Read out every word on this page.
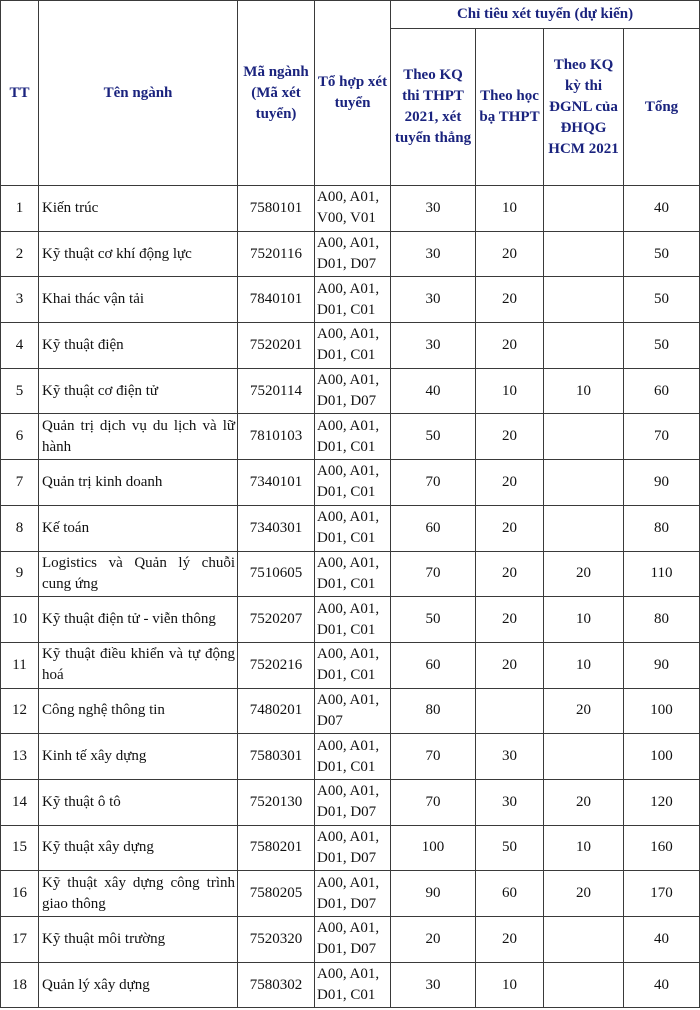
TT	Tên ngành	Mã ngành (Mã xét tuyển)	Tổ hợp xét tuyển	Chỉ tiêu xét tuyển (dự kiến)			
				Theo KQ thi THPT 2021, xét tuyển thẳng	Theo học bạ THPT	Theo KQ kỳ thi ĐGNL của ĐHQG HCM 2021	Tổng
1	Kiến trúc	7580101	A00, A01, V00, V01	30	10		40
2	Kỹ thuật cơ khí động lực	7520116	A00, A01, D01, D07	30	20		50
3	Khai thác vận tải	7840101	A00, A01, D01, C01	30	20		50
4	Kỹ thuật điện	7520201	A00, A01, D01, C01	30	20		50
5	Kỹ thuật cơ điện tử	7520114	A00, A01, D01, D07	40	10	10	60
6	Quản trị dịch vụ du lịch và lữ hành	7810103	A00, A01, D01, C01	50	20		70
7	Quản trị kinh doanh	7340101	A00, A01, D01, C01	70	20		90
8	Kế toán	7340301	A00, A01, D01, C01	60	20		80
9	Logistics và Quản lý chuỗi cung ứng	7510605	A00, A01, D01, C01	70	20	20	110
10	Kỹ thuật điện tử - viễn thông	7520207	A00, A01, D01, C01	50	20	10	80
11	Kỹ thuật điều khiển và tự động hoá	7520216	A00, A01, D01, C01	60	20	10	90
12	Công nghệ thông tin	7480201	A00, A01, D07	80		20	100
13	Kinh tế xây dựng	7580301	A00, A01, D01, C01	70	30		100
14	Kỹ thuật ô tô	7520130	A00, A01, D01, D07	70	30	20	120
15	Kỹ thuật xây dựng	7580201	A00, A01, D01, D07	100	50	10	160
16	Kỹ thuật xây dựng công trình giao thông	7580205	A00, A01, D01, D07	90	60	20	170
17	Kỹ thuật môi trường	7520320	A00, A01, D01, D07	20	20		40
18	Quản lý xây dựng	7580302	A00, A01, D01, C01	30	10		40
